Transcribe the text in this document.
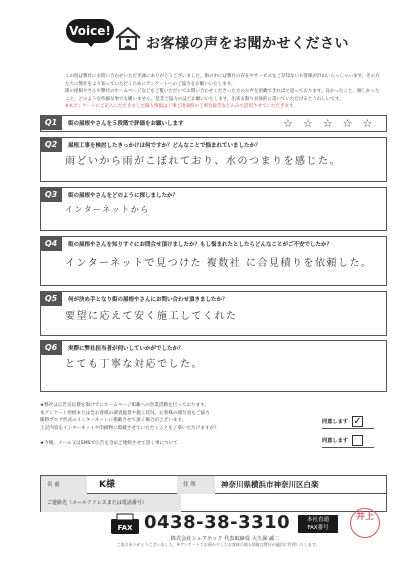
Voice!
お客様の声をお聞かせください
この度は弊社にお問い合わせいただき誠にありがとうございました。街の中には弊社の存在やサービスをご存知ないお客様が沢山いらっしゃいます。その方たちに弊社をより知っていただくためにアンケートへのご協力をお願いいたします。
街の屋根やさんや弊社のホームページなどをご覧いただいてお問い合わせくださった方のお声を頂戴できればと思っております。良かったこと、嬉しかったこと、どのような些細な事でも構いません。是非ご協力のほどお願いいたします。出来る限り具体的に書いていただけるとうれしいです。
※本アンケートにご記入いただきました個人情報は工事ご用命時の工事会報告などのみで活用させていただきます。
Q1	街の屋根やさんを５段階で評価をお願いします	☆☆☆☆☆
Q2	屋根工事を検討したきっかけは何ですか？どんなことで悩まれていましたか？
雨どいから雨がこぼれており、水のつまりを感じた。
Q3	街の屋根やさんをどのように探しましたか？
インターネットから
Q4	街の屋根やさんを知りすぐにお問合せ頂けましたか？もし悩まれたとしたらどんなことがご不安でしたか？
インターネットで見つけた 複数社 に合見積りを依頼した。
Q5	何が決め手となり街の屋根やさんにお問い合わせ頂きましたか？
要望に応えて安く施工してくれた
Q6	実際に弊社担当者が伺いしていかがでしたか？
とても丁寧な対応でした。
★弊社は広告宣伝費を掛けずにホームページ掲載への営業活動を行っております。
本アンケート用紙または会お客様の調査風景や施工状況、お客様の顔写真をご協力
随時ブログ形式のインターネットに掲載させて頂く場合がございます。
上記内容をインターネットや印刷物に掲載させていただくことを了承いただけますか？
★今後、メール又はSMSで広告を含めご連絡させて頂く事について
同意します ✓
同意します
名 前	K様	住 所	神奈川県横浜市神奈川区白楽
ご連絡先（メールアドレスまたは電話番号）
FAX 0438-38-3310	本社直通
FAX番号
株式会社シェアテック 代表取締役 大久保 誠二
ご協力ありがとうございました。※アンケートでお預かりしたお客様の個人情報は弊社が適切に管理いたします。
井上
